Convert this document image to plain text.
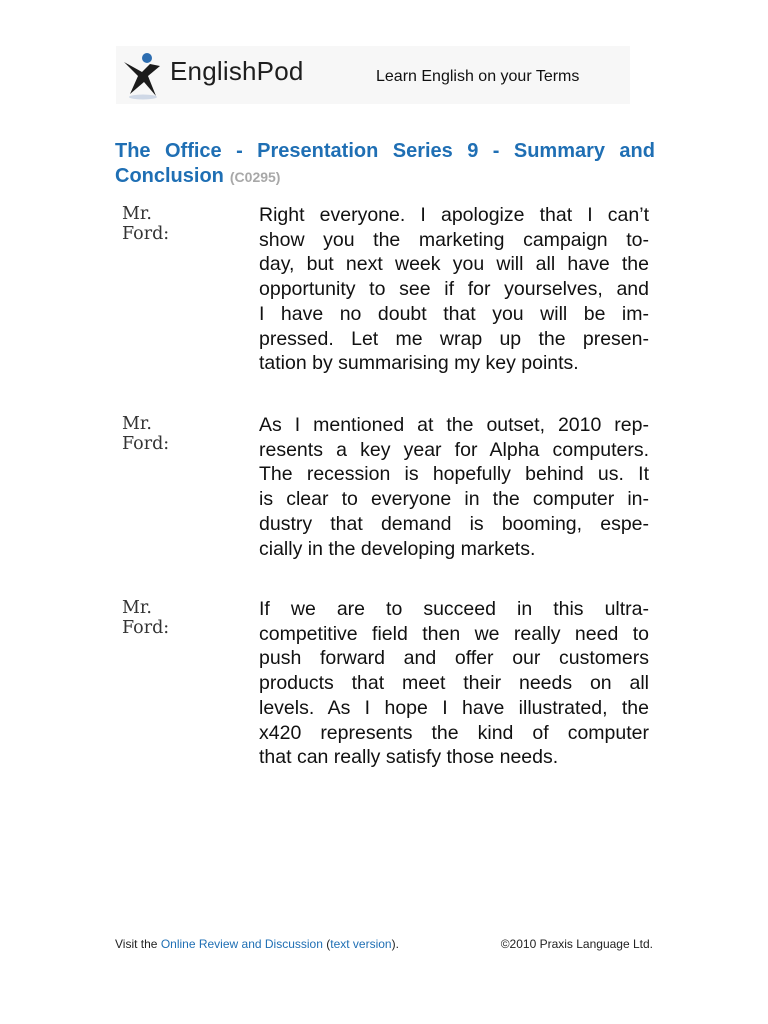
EnglishPod	Learn English on your Terms
The Office - Presentation Series 9 - Summary and
Conclusion (C0295)
Mr. Ford:
Right everyone. I apologize that I can’t
show you the marketing campaign to-
day, but next week you will all have the
opportunity to see if for yourselves, and
I have no doubt that you will be im-
pressed. Let me wrap up the presen-
tation by summarising my key points.
Mr. Ford:
As I mentioned at the outset, 2010 rep-
resents a key year for Alpha computers.
The recession is hopefully behind us. It
is clear to everyone in the computer in-
dustry that demand is booming, espe-
cially in the developing markets.
Mr. Ford:
If we are to succeed in this ultra-
competitive field then we really need to
push forward and offer our customers
products that meet their needs on all
levels. As I hope I have illustrated, the
x420 represents the kind of computer
that can really satisfy those needs.
Visit the Online Review and Discussion (text version).	©2010 Praxis Language Ltd.
